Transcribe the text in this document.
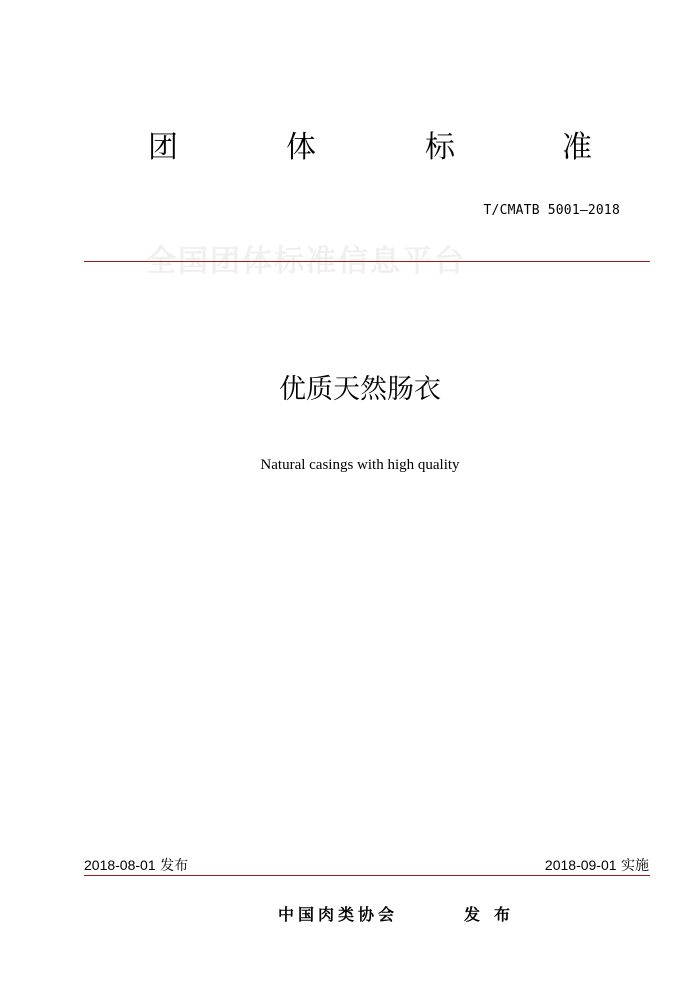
团	体	标	准
T/CMATB 5001—2018
全国团体标准信息平台
优质天然肠衣
Natural casings with high quality
2018-08-01 发布	2018-09-01 实施
中国肉类协会	发布
